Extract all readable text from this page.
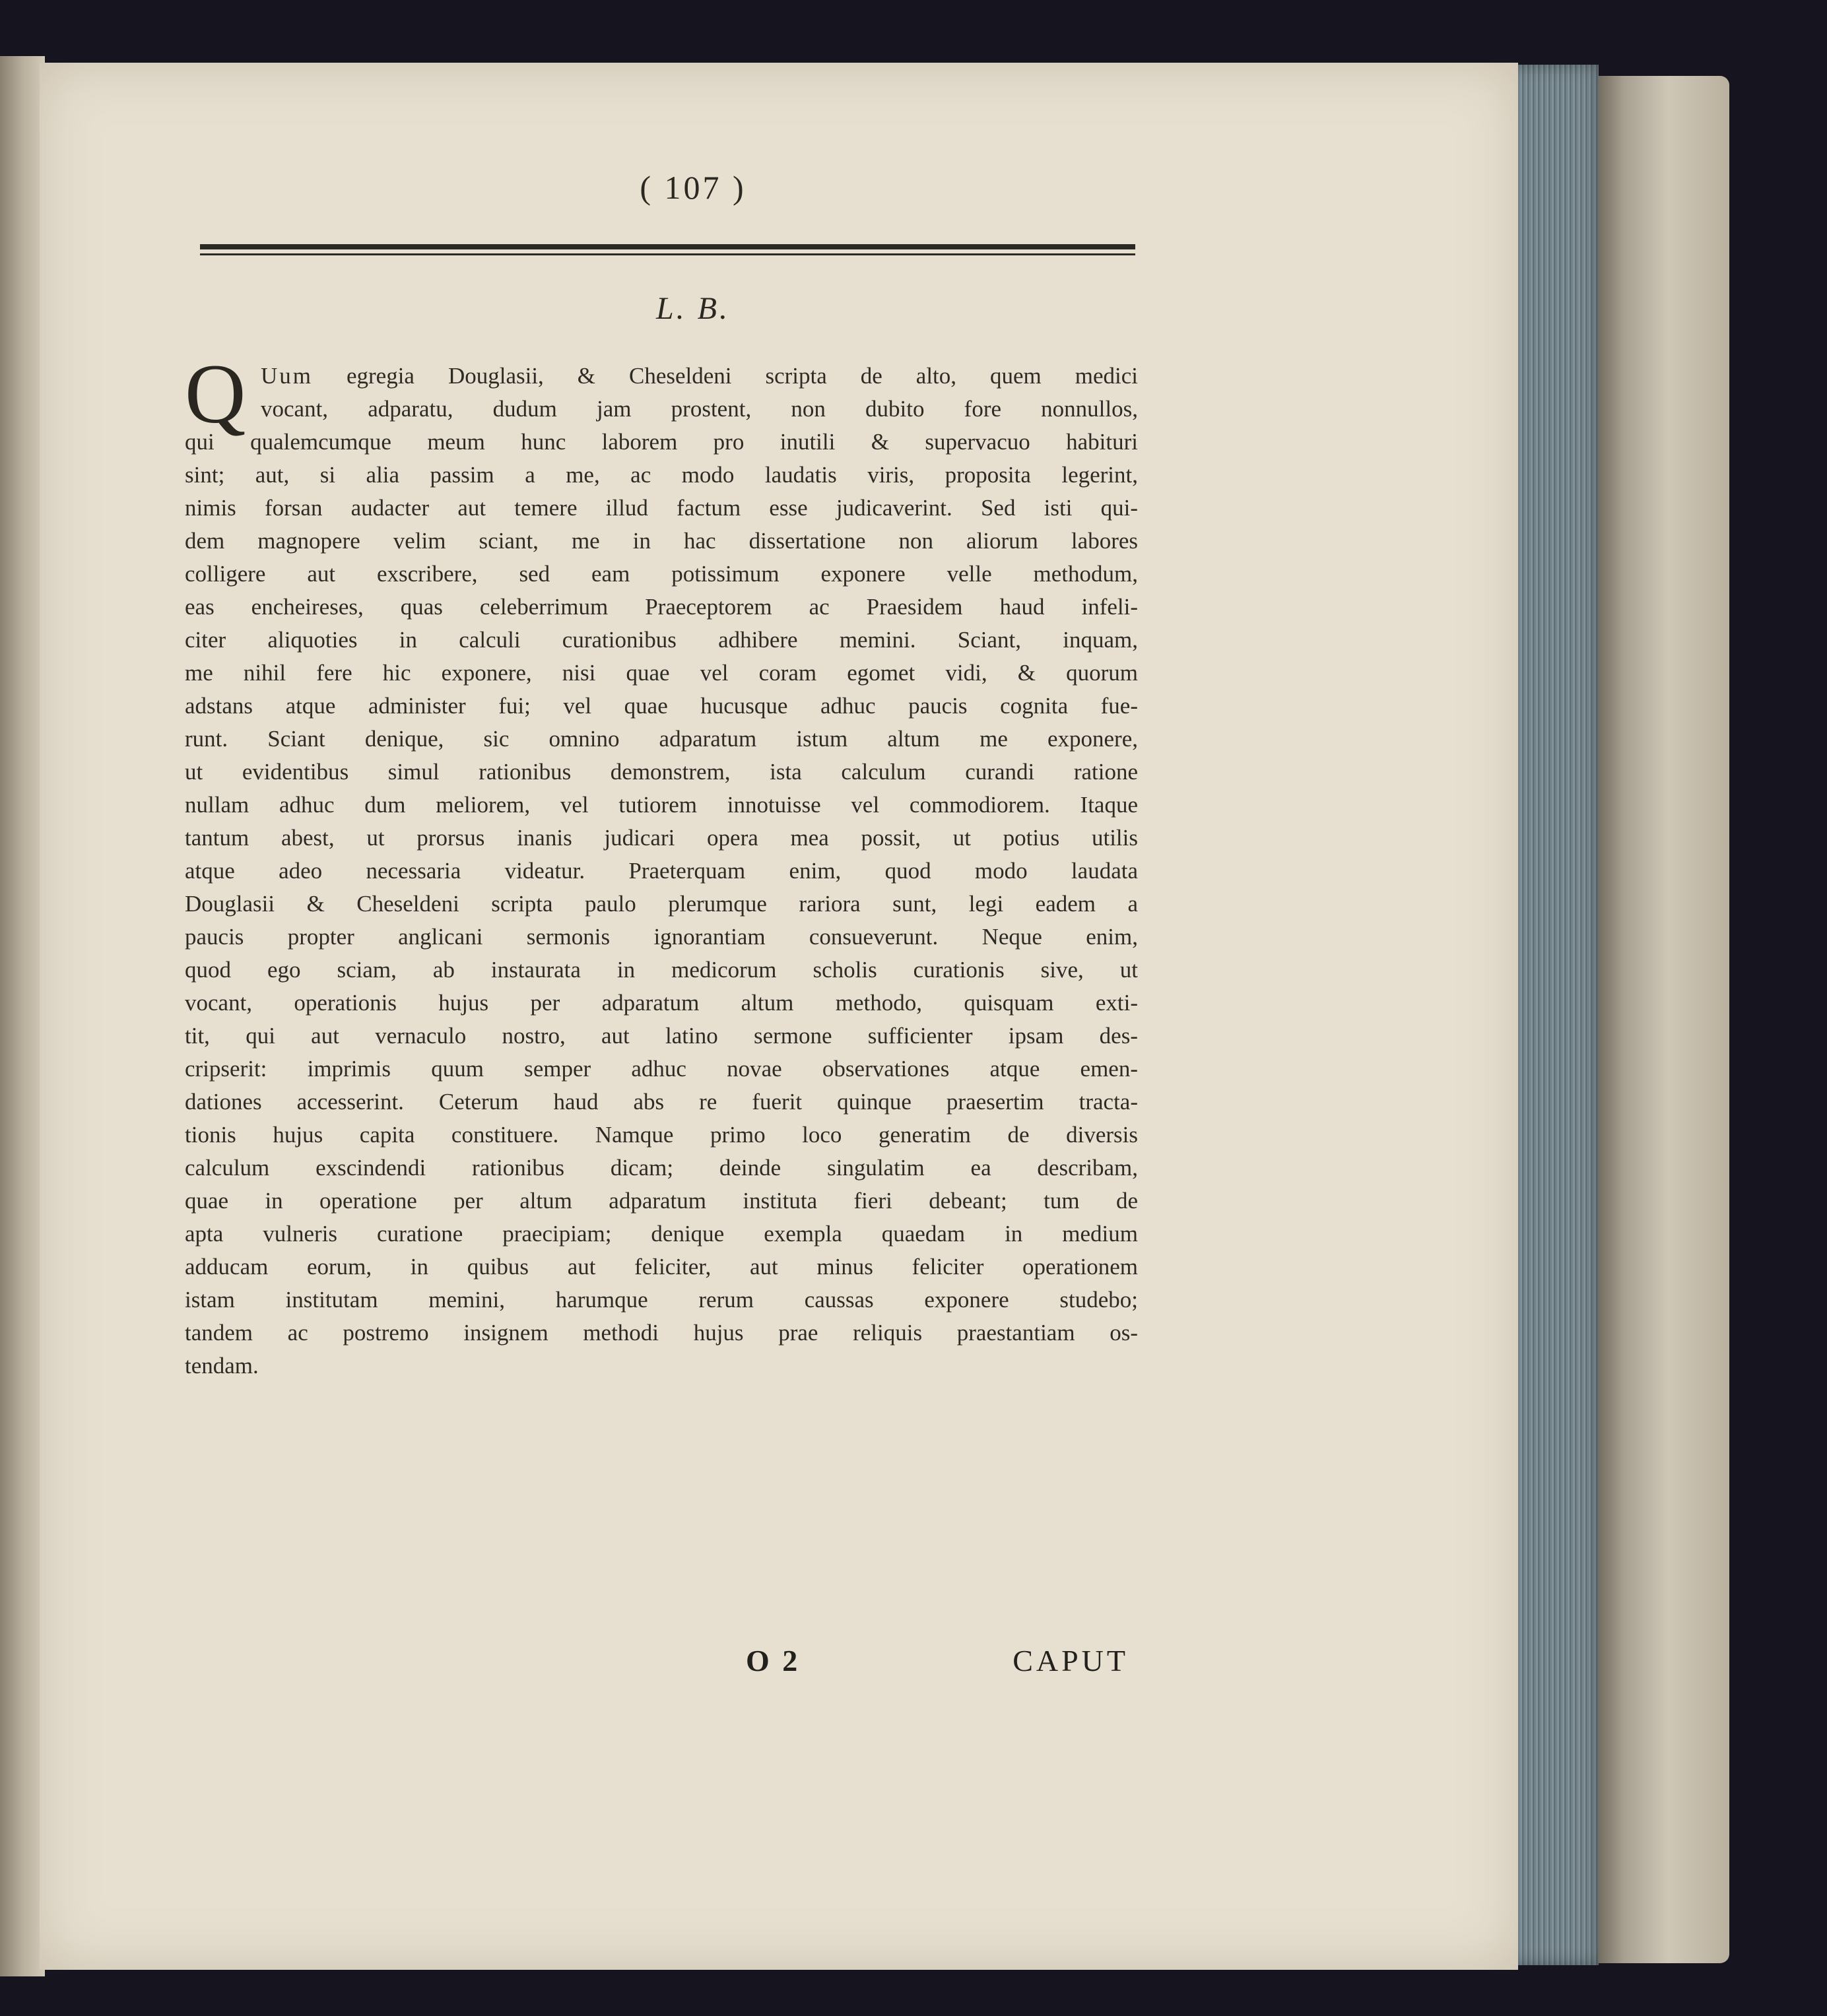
( 107 )
L. B.
Q Uum egregia Douglasii, & Cheseldeni scripta de alto, quem medici
vocant, adparatu, dudum jam prostent, non dubito fore nonnullos,
qui qualemcumque meum hunc laborem pro inutili & supervacuo habituri
sint; aut, si alia passim a me, ac modo laudatis viris, proposita legerint,
nimis forsan audacter aut temere illud factum esse judicaverint. Sed isti qui-
dem magnopere velim sciant, me in hac dissertatione non aliorum labores
colligere aut exscribere, sed eam potissimum exponere velle methodum,
eas encheireses, quas celeberrimum Praeceptorem ac Praesidem haud infeli-
citer aliquoties in calculi curationibus adhibere memini. Sciant, inquam,
me nihil fere hic exponere, nisi quae vel coram egomet vidi, & quorum
adstans atque administer fui; vel quae hucusque adhuc paucis cognita fue-
runt. Sciant denique, sic omnino adparatum istum altum me exponere,
ut evidentibus simul rationibus demonstrem, ista calculum curandi ratione
nullam adhuc dum meliorem, vel tutiorem innotuisse vel commodiorem. Itaque
tantum abest, ut prorsus inanis judicari opera mea possit, ut potius utilis
atque adeo necessaria videatur. Praeterquam enim, quod modo laudata
Douglasii & Cheseldeni scripta paulo plerumque rariora sunt, legi eadem a
paucis propter anglicani sermonis ignorantiam consueverunt. Neque enim,
quod ego sciam, ab instaurata in medicorum scholis curationis sive, ut
vocant, operationis hujus per adparatum altum methodo, quisquam exti-
tit, qui aut vernaculo nostro, aut latino sermone sufficienter ipsam des-
cripserit: imprimis quum semper adhuc novae observationes atque emen-
dationes accesserint. Ceterum haud abs re fuerit quinque praesertim tracta-
tionis hujus capita constituere. Namque primo loco generatim de diversis
calculum exscindendi rationibus dicam; deinde singulatim ea describam,
quae in operatione per altum adparatum instituta fieri debeant; tum de
apta vulneris curatione praecipiam; denique exempla quaedam in medium
adducam eorum, in quibus aut feliciter, aut minus feliciter operationem
istam institutam memini, harumque rerum caussas exponere studebo;
tandem ac postremo insignem methodi hujus prae reliquis praestantiam os-
tendam.
O 2	CAPUT
